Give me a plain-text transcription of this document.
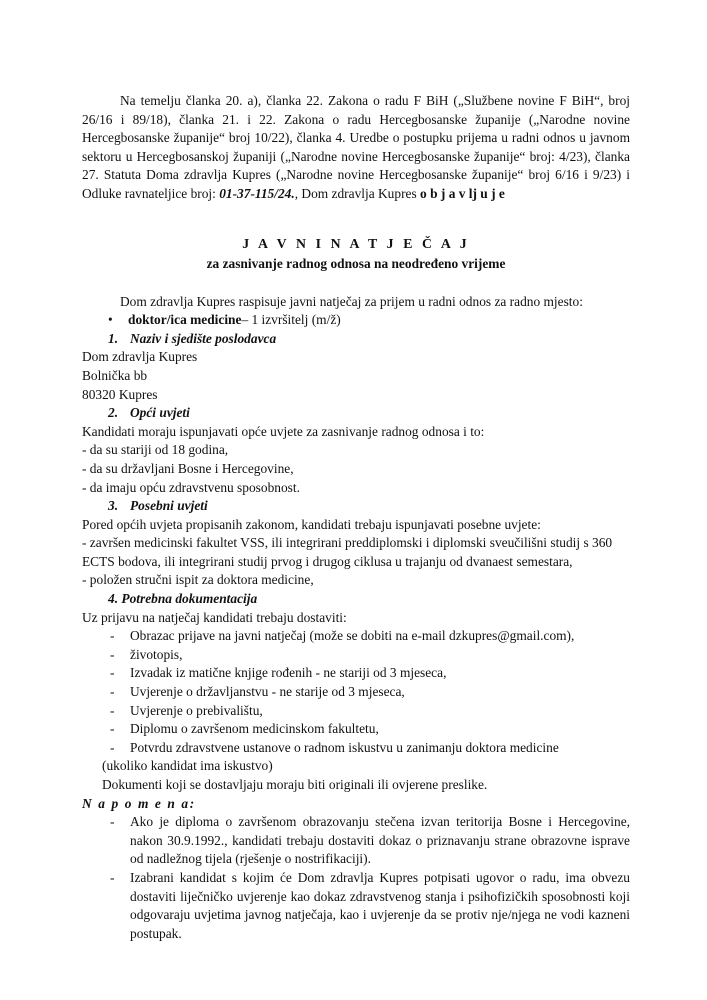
Na temelju članka 20. a), članka 22. Zakona o radu F BiH („Službene novine F BiH“, broj 26/16 i 89/18), članka 21. i 22. Zakona o radu Hercegbosanske županije („Narodne novine Hercegbosanske županije“ broj 10/22), članka 4. Uredbe o postupku prijema u radni odnos u javnom sektoru u Hercegbosanskoj županiji („Narodne novine Hercegbosanske županije“ broj: 4/23), članka 27. Statuta Doma zdravlja Kupres („Narodne novine Hercegbosanske županije“ broj 6/16 i 9/23) i Odluke ravnateljice broj: 01-37-115/24., Dom zdravlja Kupres o b j a v lj u j e

J A V N I N A T J E Č A J
za zasnivanje radnog odnosa na neodređeno vrijeme

Dom zdravlja Kupres raspisuje javni natječaj za prijem u radni odnos za radno mjesto:

• doktor/ica medicine– 1 izvršitelj (m/ž)
1. Naziv i sjedište poslodavca

Dom zdravlja Kupres

Bolnička bb

80320 Kupres

2. Opći uvjeti

Kandidati moraju ispunjavati opće uvjete za zasnivanje radnog odnosa i to:

- da su stariji od 18 godina,

- da su državljani Bosne i Hercegovine,

- da imaju opću zdravstvenu sposobnost.

3. Posebni uvjeti

Pored općih uvjeta propisanih zakonom, kandidati trebaju ispunjavati posebne uvjete:

- završen medicinski fakultet VSS, ili integrirani preddiplomski i diplomski sveučilišni studij s 360 ECTS bodova, ili integrirani studij prvog i drugog ciklusa u trajanju od dvanaest semestara,

- položen stručni ispit za doktora medicine,

4. Potrebna dokumentacija

Uz prijavu na natječaj kandidati trebaju dostaviti:

- Obrazac prijave na javni natječaj (može se dobiti na e-mail dzkupres@gmail.com),
- životopis,
- Izvadak iz matične knjige rođenih - ne stariji od 3 mjeseca,
- Uvjerenje o državljanstvu - ne starije od 3 mjeseca,
- Uvjerenje o prebivalištu,
- Diplomu o završenom medicinskom fakultetu,
- Potvrdu zdravstvene ustanove o radnom iskustvu u zanimanju doktora medicine

(ukoliko kandidat ima iskustvo)

Dokumenti koji se dostavljaju moraju biti originali ili ovjerene preslike.

N a p o m e n a:
- Ako je diploma o završenom obrazovanju stečena izvan teritorija Bosne i Hercegovine, nakon 30.9.1992., kandidati trebaju dostaviti dokaz o priznavanju strane obrazovne isprave od nadležnog tijela (rješenje o nostrifikaciji).
- Izabrani kandidat s kojim će Dom zdravlja Kupres potpisati ugovor o radu, ima obvezu dostaviti liječničko uvjerenje kao dokaz zdravstvenog stanja i psihofizičkih sposobnosti koji odgovaraju uvjetima javnog natječaja, kao i uvjerenje da se protiv nje/njega ne vodi kazneni postupak.
